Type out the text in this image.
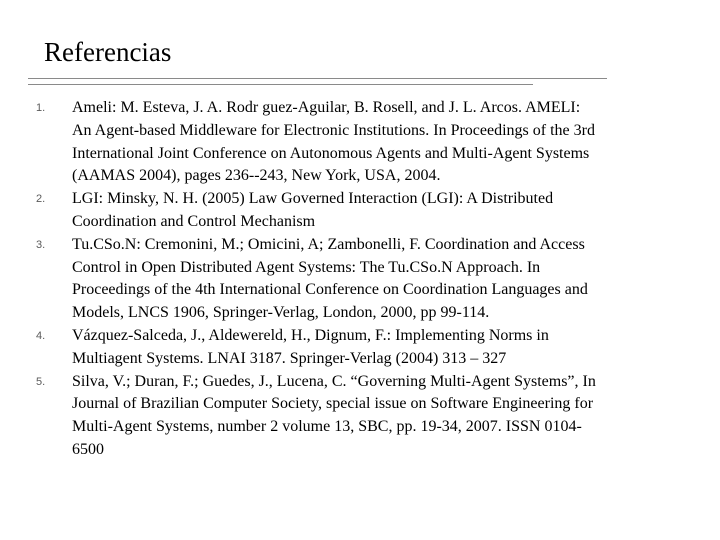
Referencias
1.	Ameli: M. Esteva, J. A. Rodr guez-Aguilar, B. Rosell, and J. L. Arcos. AMELI:
An Agent-based Middleware for Electronic Institutions. In Proceedings of the 3rd
International Joint Conference on Autonomous Agents and Multi-Agent Systems
(AAMAS 2004), pages 236--243, New York, USA, 2004.
2.	LGI: Minsky, N. H. (2005) Law Governed Interaction (LGI): A Distributed
Coordination and Control Mechanism
3.	Tu.CSo.N: Cremonini, M.; Omicini, A; Zambonelli, F. Coordination and Access
Control in Open Distributed Agent Systems: The Tu.CSo.N Approach. In
Proceedings of the 4th International Conference on Coordination Languages and
Models, LNCS 1906, Springer-Verlag, London, 2000, pp 99-114.
4.	Vázquez-Salceda, J., Aldewereld, H., Dignum, F.: Implementing Norms in
Multiagent Systems. LNAI 3187. Springer-Verlag (2004) 313 – 327
5.	Silva, V.; Duran, F.; Guedes, J., Lucena, C. “Governing Multi-Agent Systems”, In
Journal of Brazilian Computer Society, special issue on Software Engineering for
Multi-Agent Systems, number 2 volume 13, SBC, pp. 19-34, 2007. ISSN 0104-
6500
